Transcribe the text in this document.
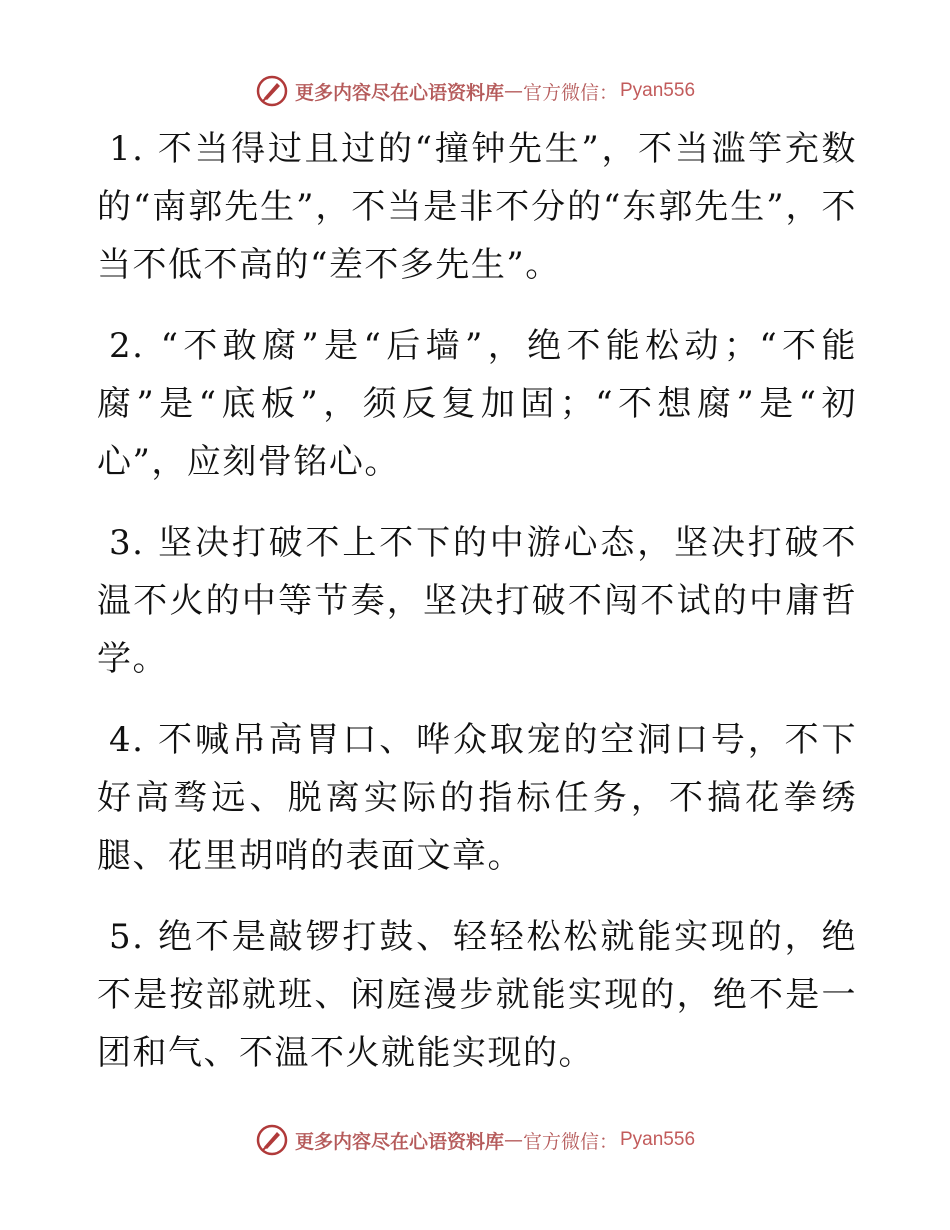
更多内容尽在心语资料库 — 官方微信： Pyan556

1. 不当得过且过的“撞钟先生”，不当滥竽充数的“南郭先生”，不当是非不分的“东郭先生”，不当不低不高的“差不多先生”。

2. “不敢腐”是“后墙”，绝不能松动；“不能腐”是“底板”，须反复加固；“不想腐”是“初心”，应刻骨铭心。

3. 坚决打破不上不下的中游心态，坚决打破不温不火的中等节奏，坚决打破不闯不试的中庸哲学。

4. 不喊吊高胃口、哗众取宠的空洞口号，不下好高骛远、脱离实际的指标任务，不搞花拳绣腿、花里胡哨的表面文章。

5. 绝不是敲锣打鼓、轻轻松松就能实现的，绝不是按部就班、闲庭漫步就能实现的，绝不是一团和气、不温不火就能实现的。

更多内容尽在心语资料库 — 官方微信： Pyan556
